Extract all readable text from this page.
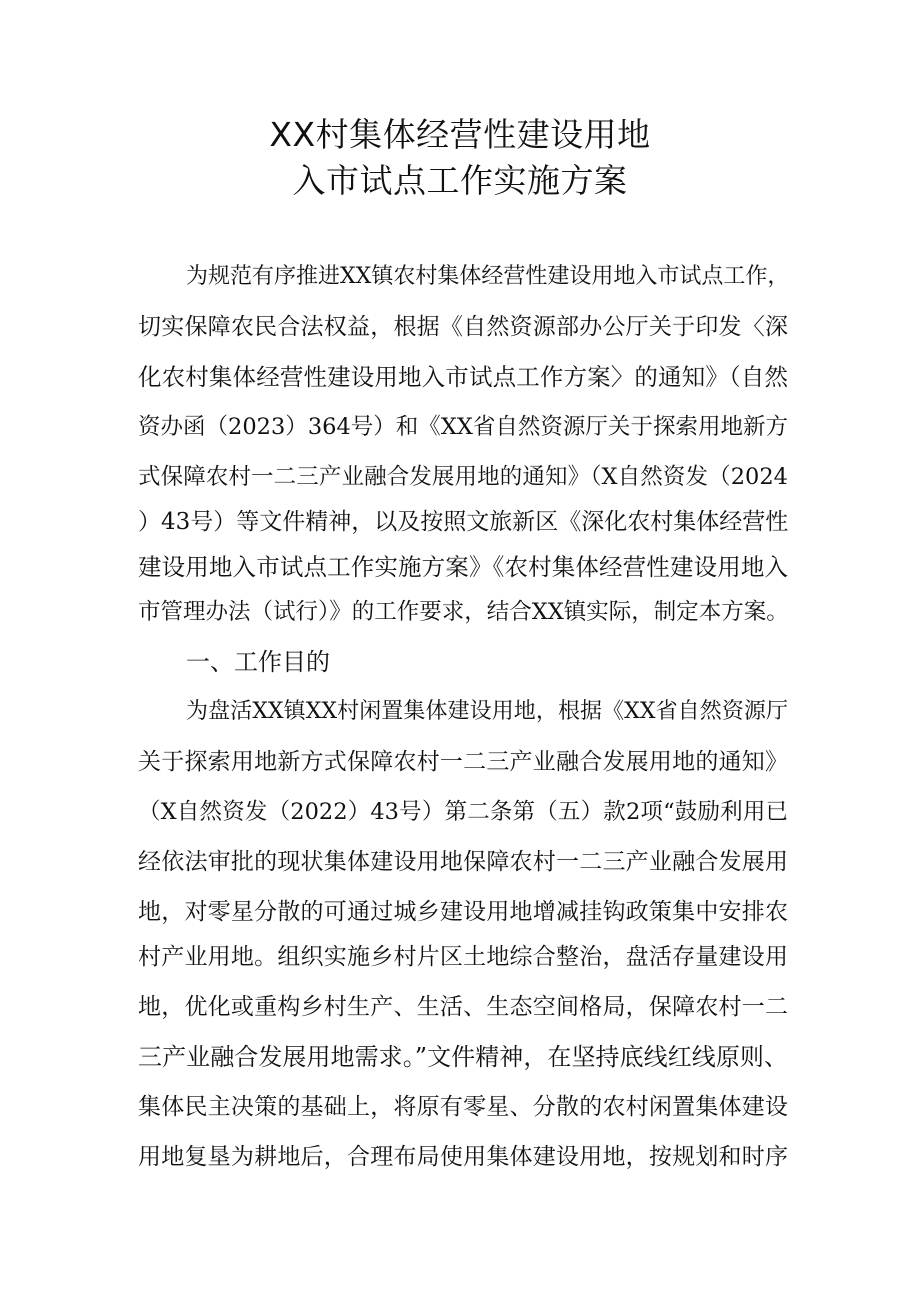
XX村集体经营性建设用地
入市试点工作实施方案
为规范有序推进XX镇农村集体经营性建设用地入市试点工作，
切实保障农民合法权益，根据《自然资源部办公厅关于印发〈深
化农村集体经营性建设用地入市试点工作方案〉的通知》（自然
资办函（2023）364号）和《XX省自然资源厅关于探索用地新方
式保障农村一二三产业融合发展用地的通知》（X自然资发（2024
）43号）等文件精神，以及按照文旅新区《深化农村集体经营性
建设用地入市试点工作实施方案》《农村集体经营性建设用地入
市管理办法（试行）》的工作要求，结合XX镇实际，制定本方案。
一、工作目的
为盘活XX镇XX村闲置集体建设用地，根据《XX省自然资源厅
关于探索用地新方式保障农村一二三产业融合发展用地的通知》
（X自然资发（2022）43号）第二条第（五）款2项“鼓励利用已
经依法审批的现状集体建设用地保障农村一二三产业融合发展用
地，对零星分散的可通过城乡建设用地增减挂钩政策集中安排农
村产业用地。组织实施乡村片区土地综合整治，盘活存量建设用
地，优化或重构乡村生产、生活、生态空间格局，保障农村一二
三产业融合发展用地需求。”文件精神，在坚持底线红线原则、
集体民主决策的基础上，将原有零星、分散的农村闲置集体建设
用地复垦为耕地后，合理布局使用集体建设用地，按规划和时序
